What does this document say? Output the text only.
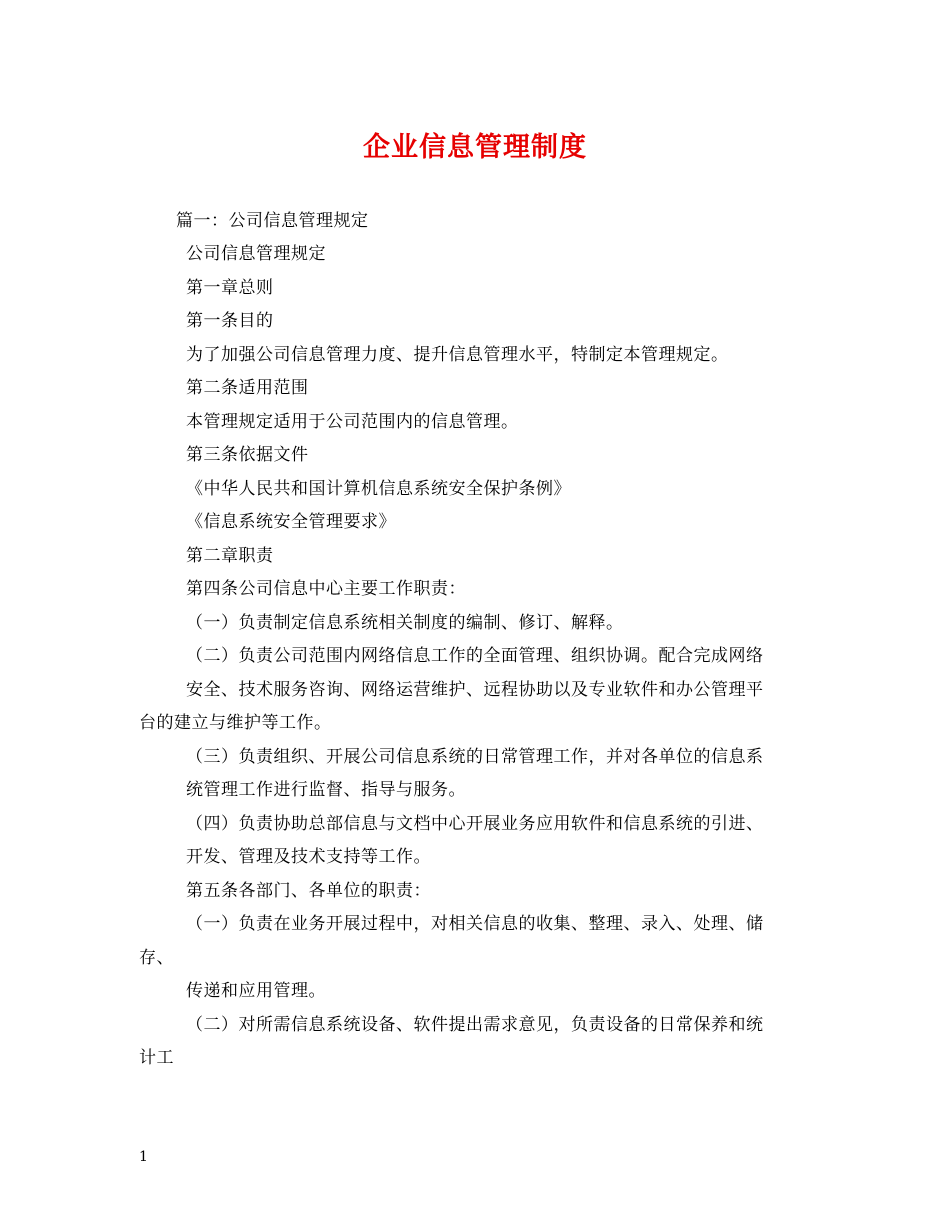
企业信息管理制度
篇一：公司信息管理规定
公司信息管理规定
第一章总则
第一条目的
为了加强公司信息管理力度、提升信息管理水平，特制定本管理规定。
第二条适用范围
本管理规定适用于公司范围内的信息管理。
第三条依据文件
《中华人民共和国计算机信息系统安全保护条例》
《信息系统安全管理要求》
第二章职责
第四条公司信息中心主要工作职责：
（一）负责制定信息系统相关制度的编制、修订、解释。
（二）负责公司范围内网络信息工作的全面管理、组织协调。配合完成网络
安全、技术服务咨询、网络运营维护、远程协助以及专业软件和办公管理平
台的建立与维护等工作。
（三）负责组织、开展公司信息系统的日常管理工作，并对各单位的信息系
统管理工作进行监督、指导与服务。
（四）负责协助总部信息与文档中心开展业务应用软件和信息系统的引进、
开发、管理及技术支持等工作。
第五条各部门、各单位的职责：
（一）负责在业务开展过程中，对相关信息的收集、整理、录入、处理、储
存、
传递和应用管理。
（二）对所需信息系统设备、软件提出需求意见，负责设备的日常保养和统
计工
1
